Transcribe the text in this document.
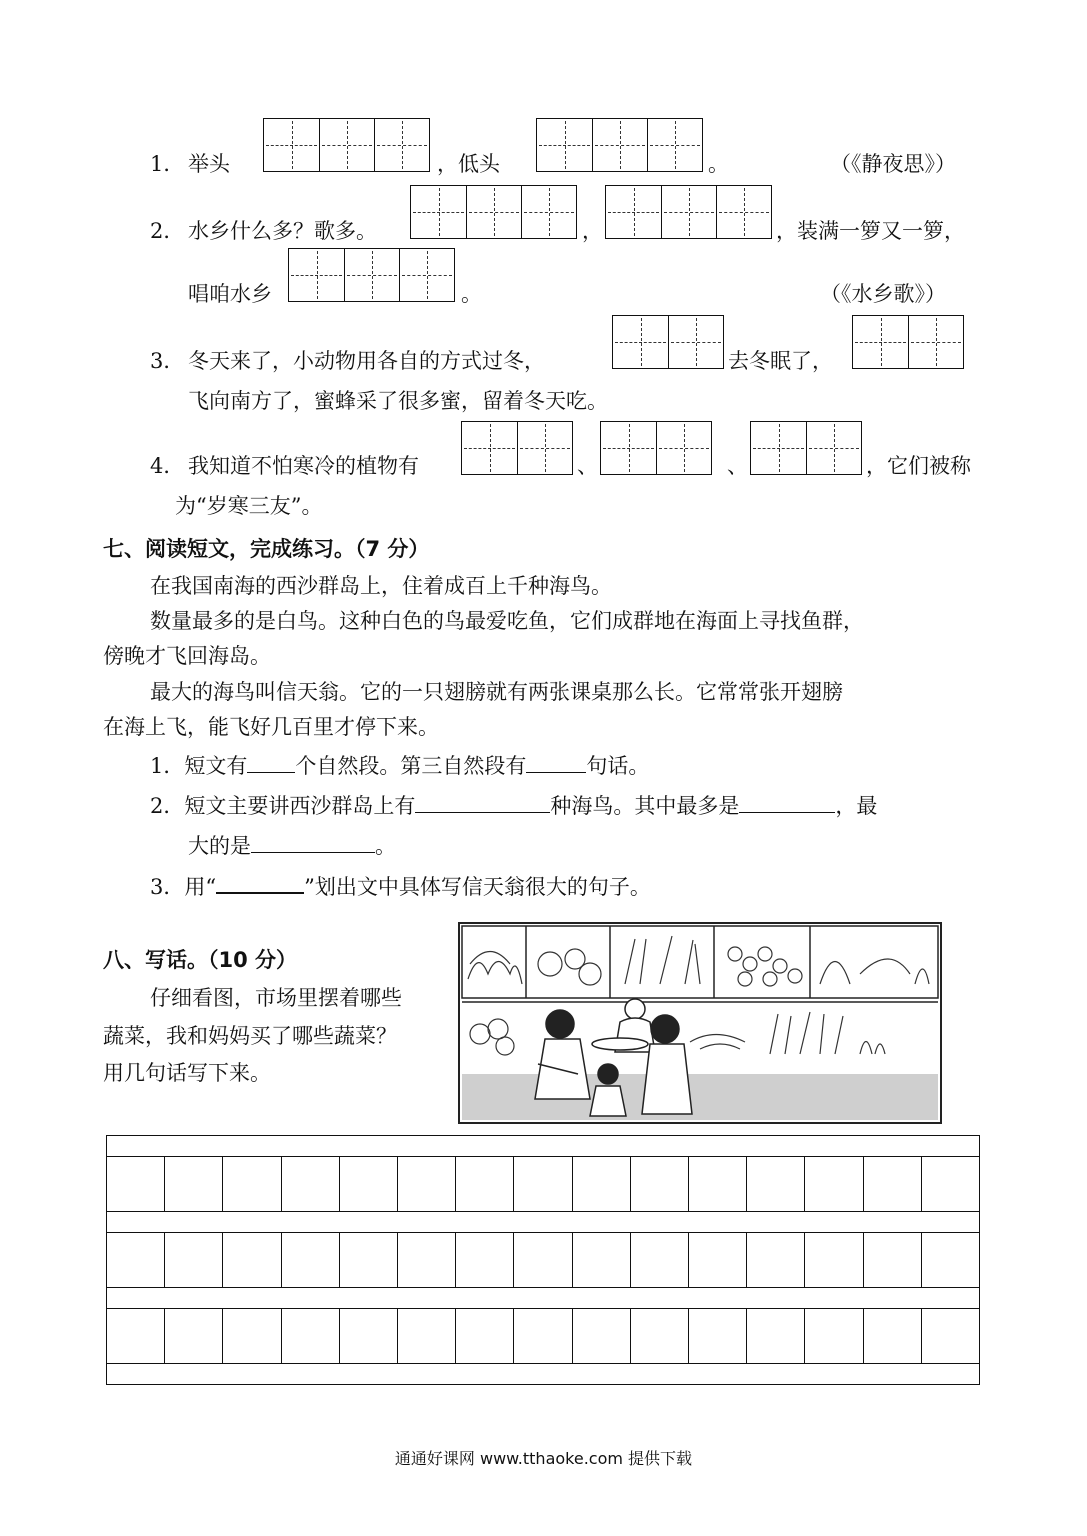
1． 举头	，低头	。	（《静夜思》）
2． 水乡什么多？歌多。	，	，装满一箩又一箩，
唱咱水乡	。	（《水乡歌》）
3． 冬天来了，小动物用各自的方式过冬，	去冬眠了，
飞向南方了，蜜蜂采了很多蜜，留着冬天吃。
4． 我知道不怕寒冷的植物有	、	、	，它们被称
为“岁寒三友”。
七、阅读短文，完成练习。（7 分）
在我国南海的西沙群岛上，住着成百上千种海鸟。
数量最多的是白鸟。这种白色的鸟最爱吃鱼，它们成群地在海面上寻找鱼群，
傍晚才飞回海岛。
最大的海鸟叫信天翁。它的一只翅膀就有两张课桌那么长。它常常张开翅膀
在海上飞，能飞好几百里才停下来。
1．短文有 个自然段。第三自然段有	句话。
2．短文主要讲西沙群岛上有	种海鸟。其中最多是	，最
大的是	。
3．用“	”划出文中具体写信天翁很大的句子。
八、写话。（10 分）
仔细看图，市场里摆着哪些
蔬菜，我和妈妈买了哪些蔬菜？
用几句话写下来。
通通好课网 www.tthaoke.com 提供下载
